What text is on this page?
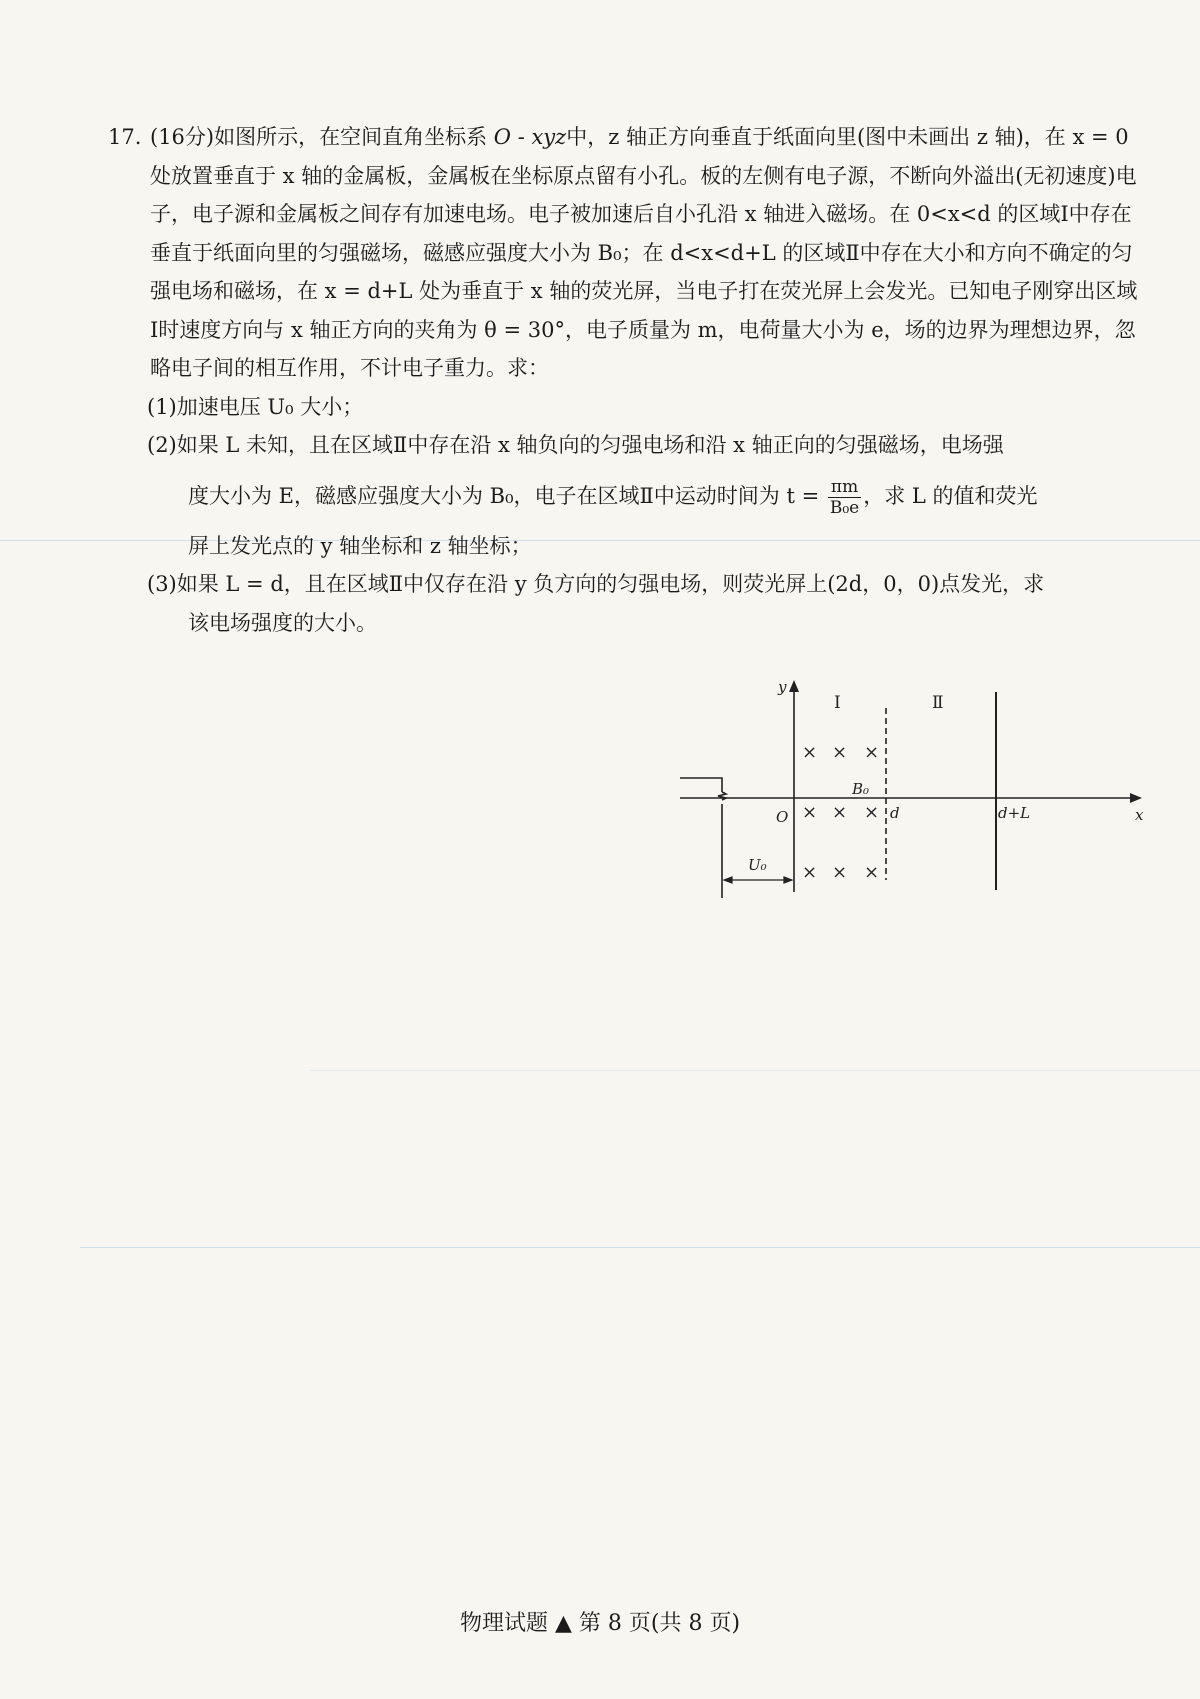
17. (16分)如图所示，在空间直角坐标系 O - xyz中，z 轴正方向垂直于纸面向里(图中未画出 z 轴)，在 x = 0 处放置垂直于 x 轴的金属板，金属板在坐标原点留有小孔。板的左侧有电子源，不断向外溢出(无初速度)电子，电子源和金属板之间存有加速电场。电子被加速后自小孔沿 x 轴进入磁场。在 0<x<d 的区域Ⅰ中存在垂直于纸面向里的匀强磁场，磁感应强度大小为 B₀；在 d<x<d+L 的区域Ⅱ中存在大小和方向不确定的匀强电场和磁场，在 x = d+L 处为垂直于 x 轴的荧光屏，当电子打在荧光屏上会发光。已知电子刚穿出区域Ⅰ时速度方向与 x 轴正方向的夹角为 θ = 30°，电子质量为 m，电荷量大小为 e，场的边界为理想边界，忽略电子间的相互作用，不计电子重力。求：

(1)加速电压 U₀ 大小；

(2)如果 L 未知，且在区域Ⅱ中存在沿 x 轴负向的匀强电场和沿 x 轴正向的匀强磁场，电场强
度大小为 E，磁感应强度大小为 B₀，电子在区域Ⅱ中运动时间为 $t = \frac{\pi m}{\text{B₀e}}$ ，求 L 的值和荧光
屏上发光点的 y 轴坐标和 z 轴坐标；

(3)如果 L = d，且在区域Ⅱ中仅存在沿 y 负方向的匀强电场，则荧光屏上(2d，0，0)点发光，求
该电场强度的大小。

× × ×
× × ×
× × ×
y
x
O
B₀
d	d+L
U₀
Ⅰ	Ⅱ
物理试题 ▲ 第 8 页(共 8 页)
